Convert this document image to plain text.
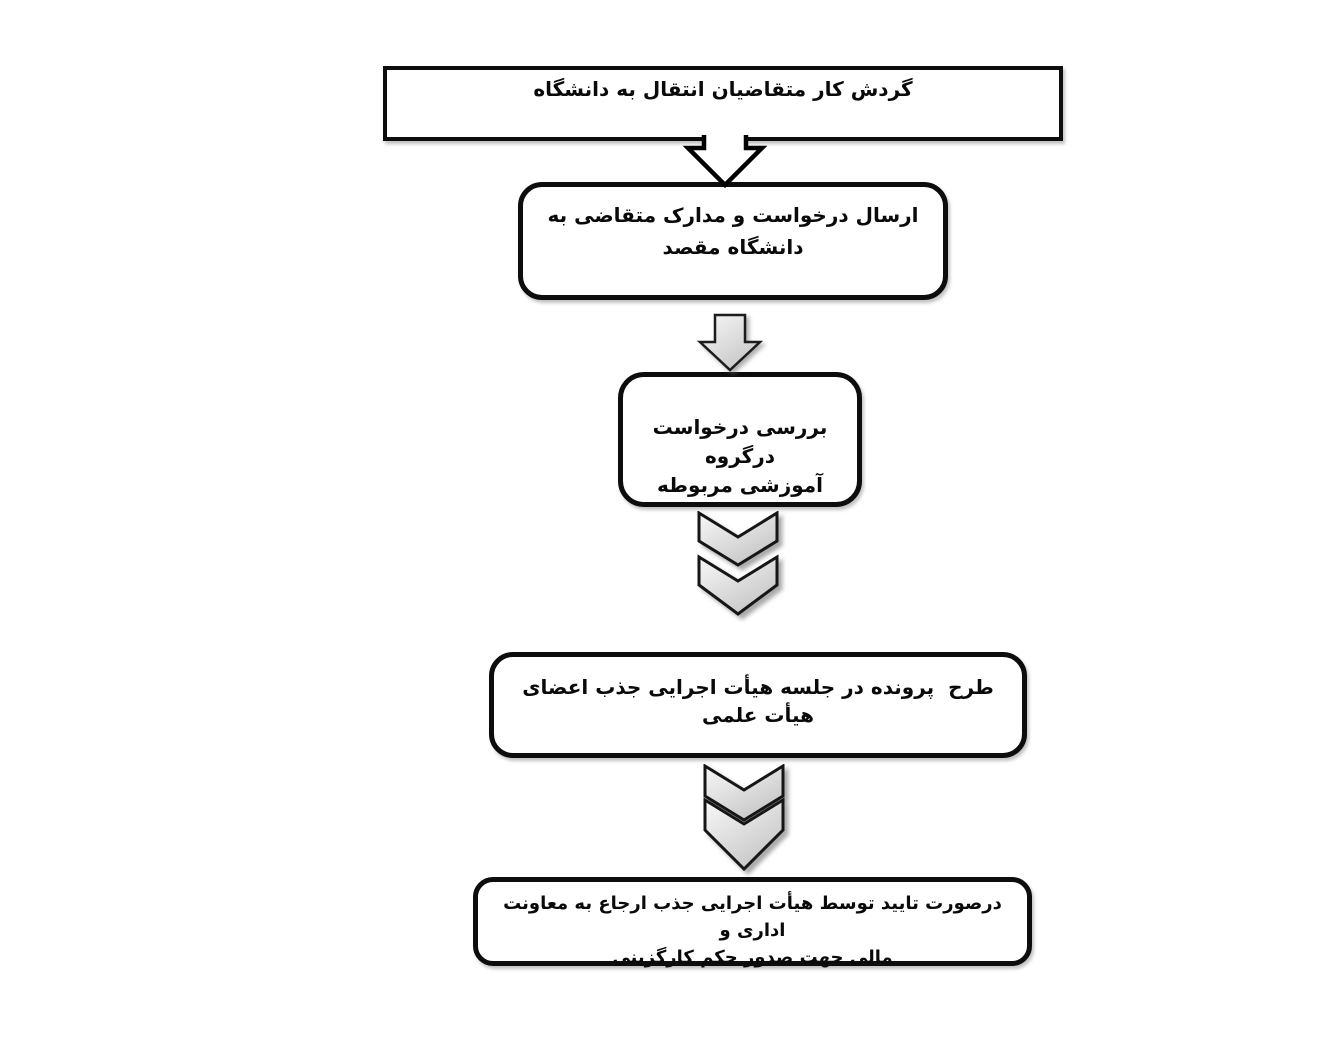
گردش کار متقاضیان انتقال به دانشگاه
ارسال درخواست و مدارک متقاضی به
دانشگاه مقصد
بررسی درخواست درگروه
آموزشی مربوطه
طرح  پرونده در جلسه هیأت اجرایی جذب اعضای هیأت علمی
درصورت تایید توسط هیأت اجرایی جذب ارجاع به معاونت اداری و
مالی جهت صدور حکم کارگزینی
